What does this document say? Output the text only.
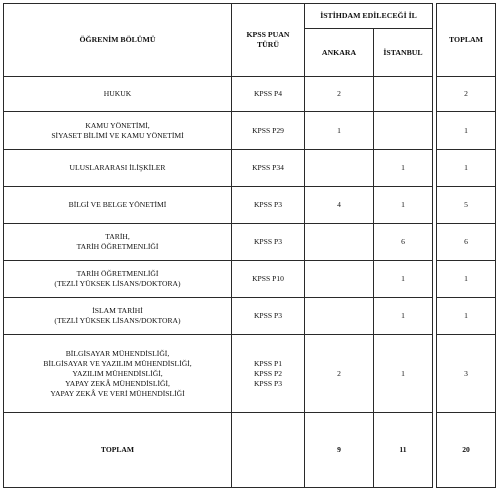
ÖĞRENİM BÖLÜMÜ	KPSS PUAN
TÜRÜ	İSTİHDAM EDİLECEĞİ İL			TOPLAM
		ANKARA	İSTANBUL		

HUKUK	KPSS P4	2			2

KAMU YÖNETİMİ,
SİYASET BİLİMİ VE KAMU YÖNETİMİ	KPSS P29	1			1

ULUSLARARASI İLİŞKİLER	KPSS P34		1		1

BİLGİ VE BELGE YÖNETİMİ	KPSS P3	4	1		5

TARİH,
TARİH ÖĞRETMENLİĞİ	KPSS P3		6		6

TARİH ÖĞRETMENLİĞİ
(TEZLİ YÜKSEK LİSANS/DOKTORA)	KPSS P10		1		1

İSLAM TARİHİ
(TEZLİ YÜKSEK LİSANS/DOKTORA)	KPSS P3		1		1

BİLGİSAYAR MÜHENDİSLİĞİ,
BİLGİSAYAR VE YAZILIM MÜHENDİSLİĞİ,
YAZILIM MÜHENDİSLİĞİ,
YAPAY ZEKÂ MÜHENDİSLİĞİ,
YAPAY ZEKÂ VE VERİ MÜHENDİSLİĞİ	KPSS P1
KPSS P2
KPSS P3	2	1		3
TOPLAM		9	11		20
